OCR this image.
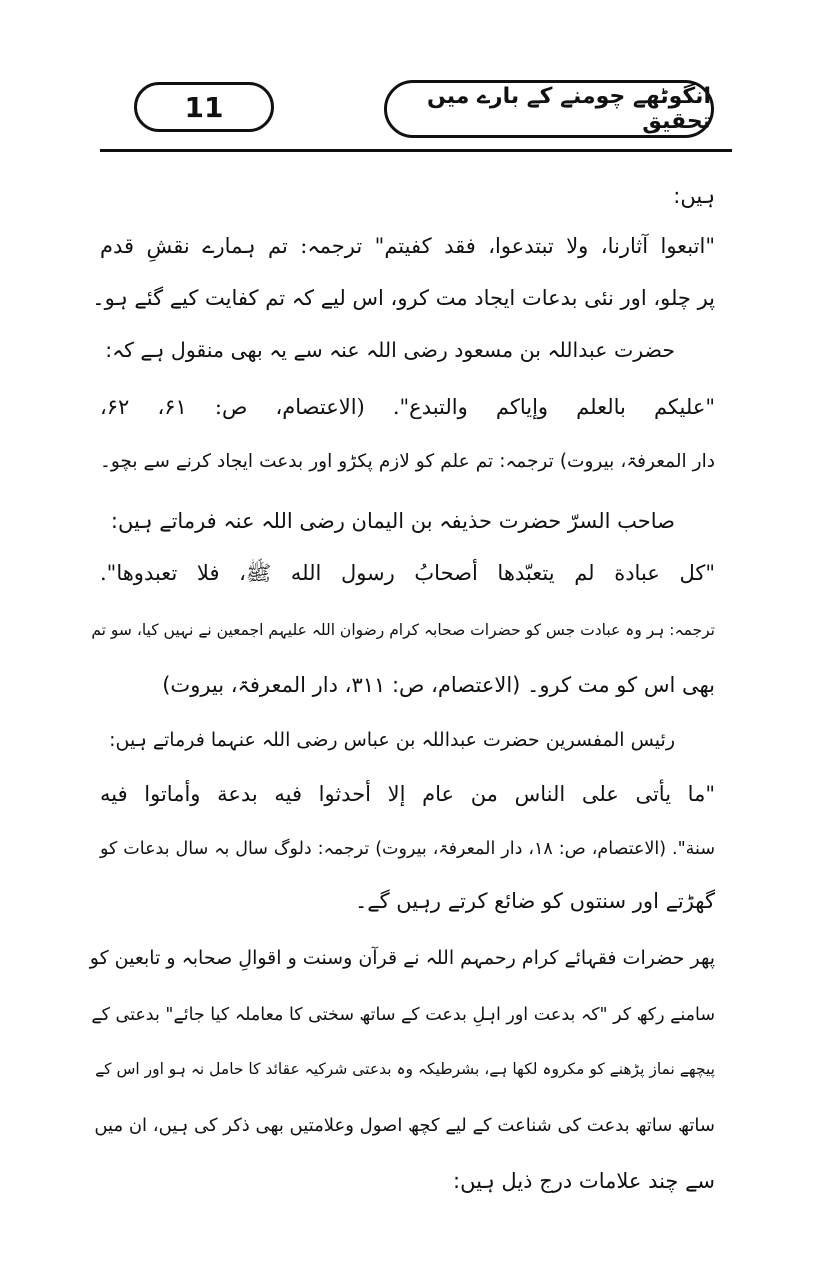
11	انگوٹھے چومنے کے بارے میں تحقیق
ہیں:
"اتبعوا آثارنا، ولا تبتدعوا، فقد کفیتم" ترجمہ: تم ہمارے نقشِ قدم
پر چلو، اور نئی بدعات ایجاد مت کرو، اس لیے کہ تم کفایت کیے گئے ہو۔
حضرت عبداللہ بن مسعود رضی اللہ عنہ سے یہ بھی منقول ہے کہ:
"علیکم بالعلم وإیاکم والتبدع". (الاعتصام، ص: ۶۱، ۶۲،
دار المعرفۃ، بیروت) ترجمہ: تم علم کو لازم پکڑو اور بدعت ایجاد کرنے سے بچو۔
صاحب السرّ حضرت حذیفہ بن الیمان رضی اللہ عنہ فرماتے ہیں:
"کل عبادة لم یتعبّدها أصحابُ رسول الله ﷺ، فلا تعبدوها".
ترجمہ: ہر وہ عبادت جس کو حضرات صحابہ کرام رضوان اللہ علیہم اجمعین نے نہیں کیا، سو تم
بھی اس کو مت کرو۔ (الاعتصام، ص: ۳۱۱، دار المعرفۃ، بیروت)
رئیس المفسرین حضرت عبداللہ بن عباس رضی اللہ عنہما فرماتے ہیں:
"ما یأتی علی الناس من عام إلا أحدثوا فیه بدعة وأماتوا فیه
سنة". (الاعتصام، ص: ۱۸، دار المعرفۃ، بیروت) ترجمہ: دلوگ سال بہ سال بدعات کو
گھڑتے اور سنتوں کو ضائع کرتے رہیں گے۔
پھر حضرات فقہائے کرام رحمہم اللہ نے قرآن وسنت و اقوالِ صحابہ و تابعین کو
سامنے رکھ کر "کہ بدعت اور اہلِ بدعت کے ساتھ سختی کا معاملہ کیا جائے" بدعتی کے
پیچھے نماز پڑھنے کو مکروہ لکھا ہے، بشرطیکہ وہ بدعتی شرکیہ عقائد کا حامل نہ ہو اور اس کے
ساتھ ساتھ بدعت کی شناعت کے لیے کچھ اصول وعلامتیں بھی ذکر کی ہیں، ان میں
سے چند علامات درج ذیل ہیں:
